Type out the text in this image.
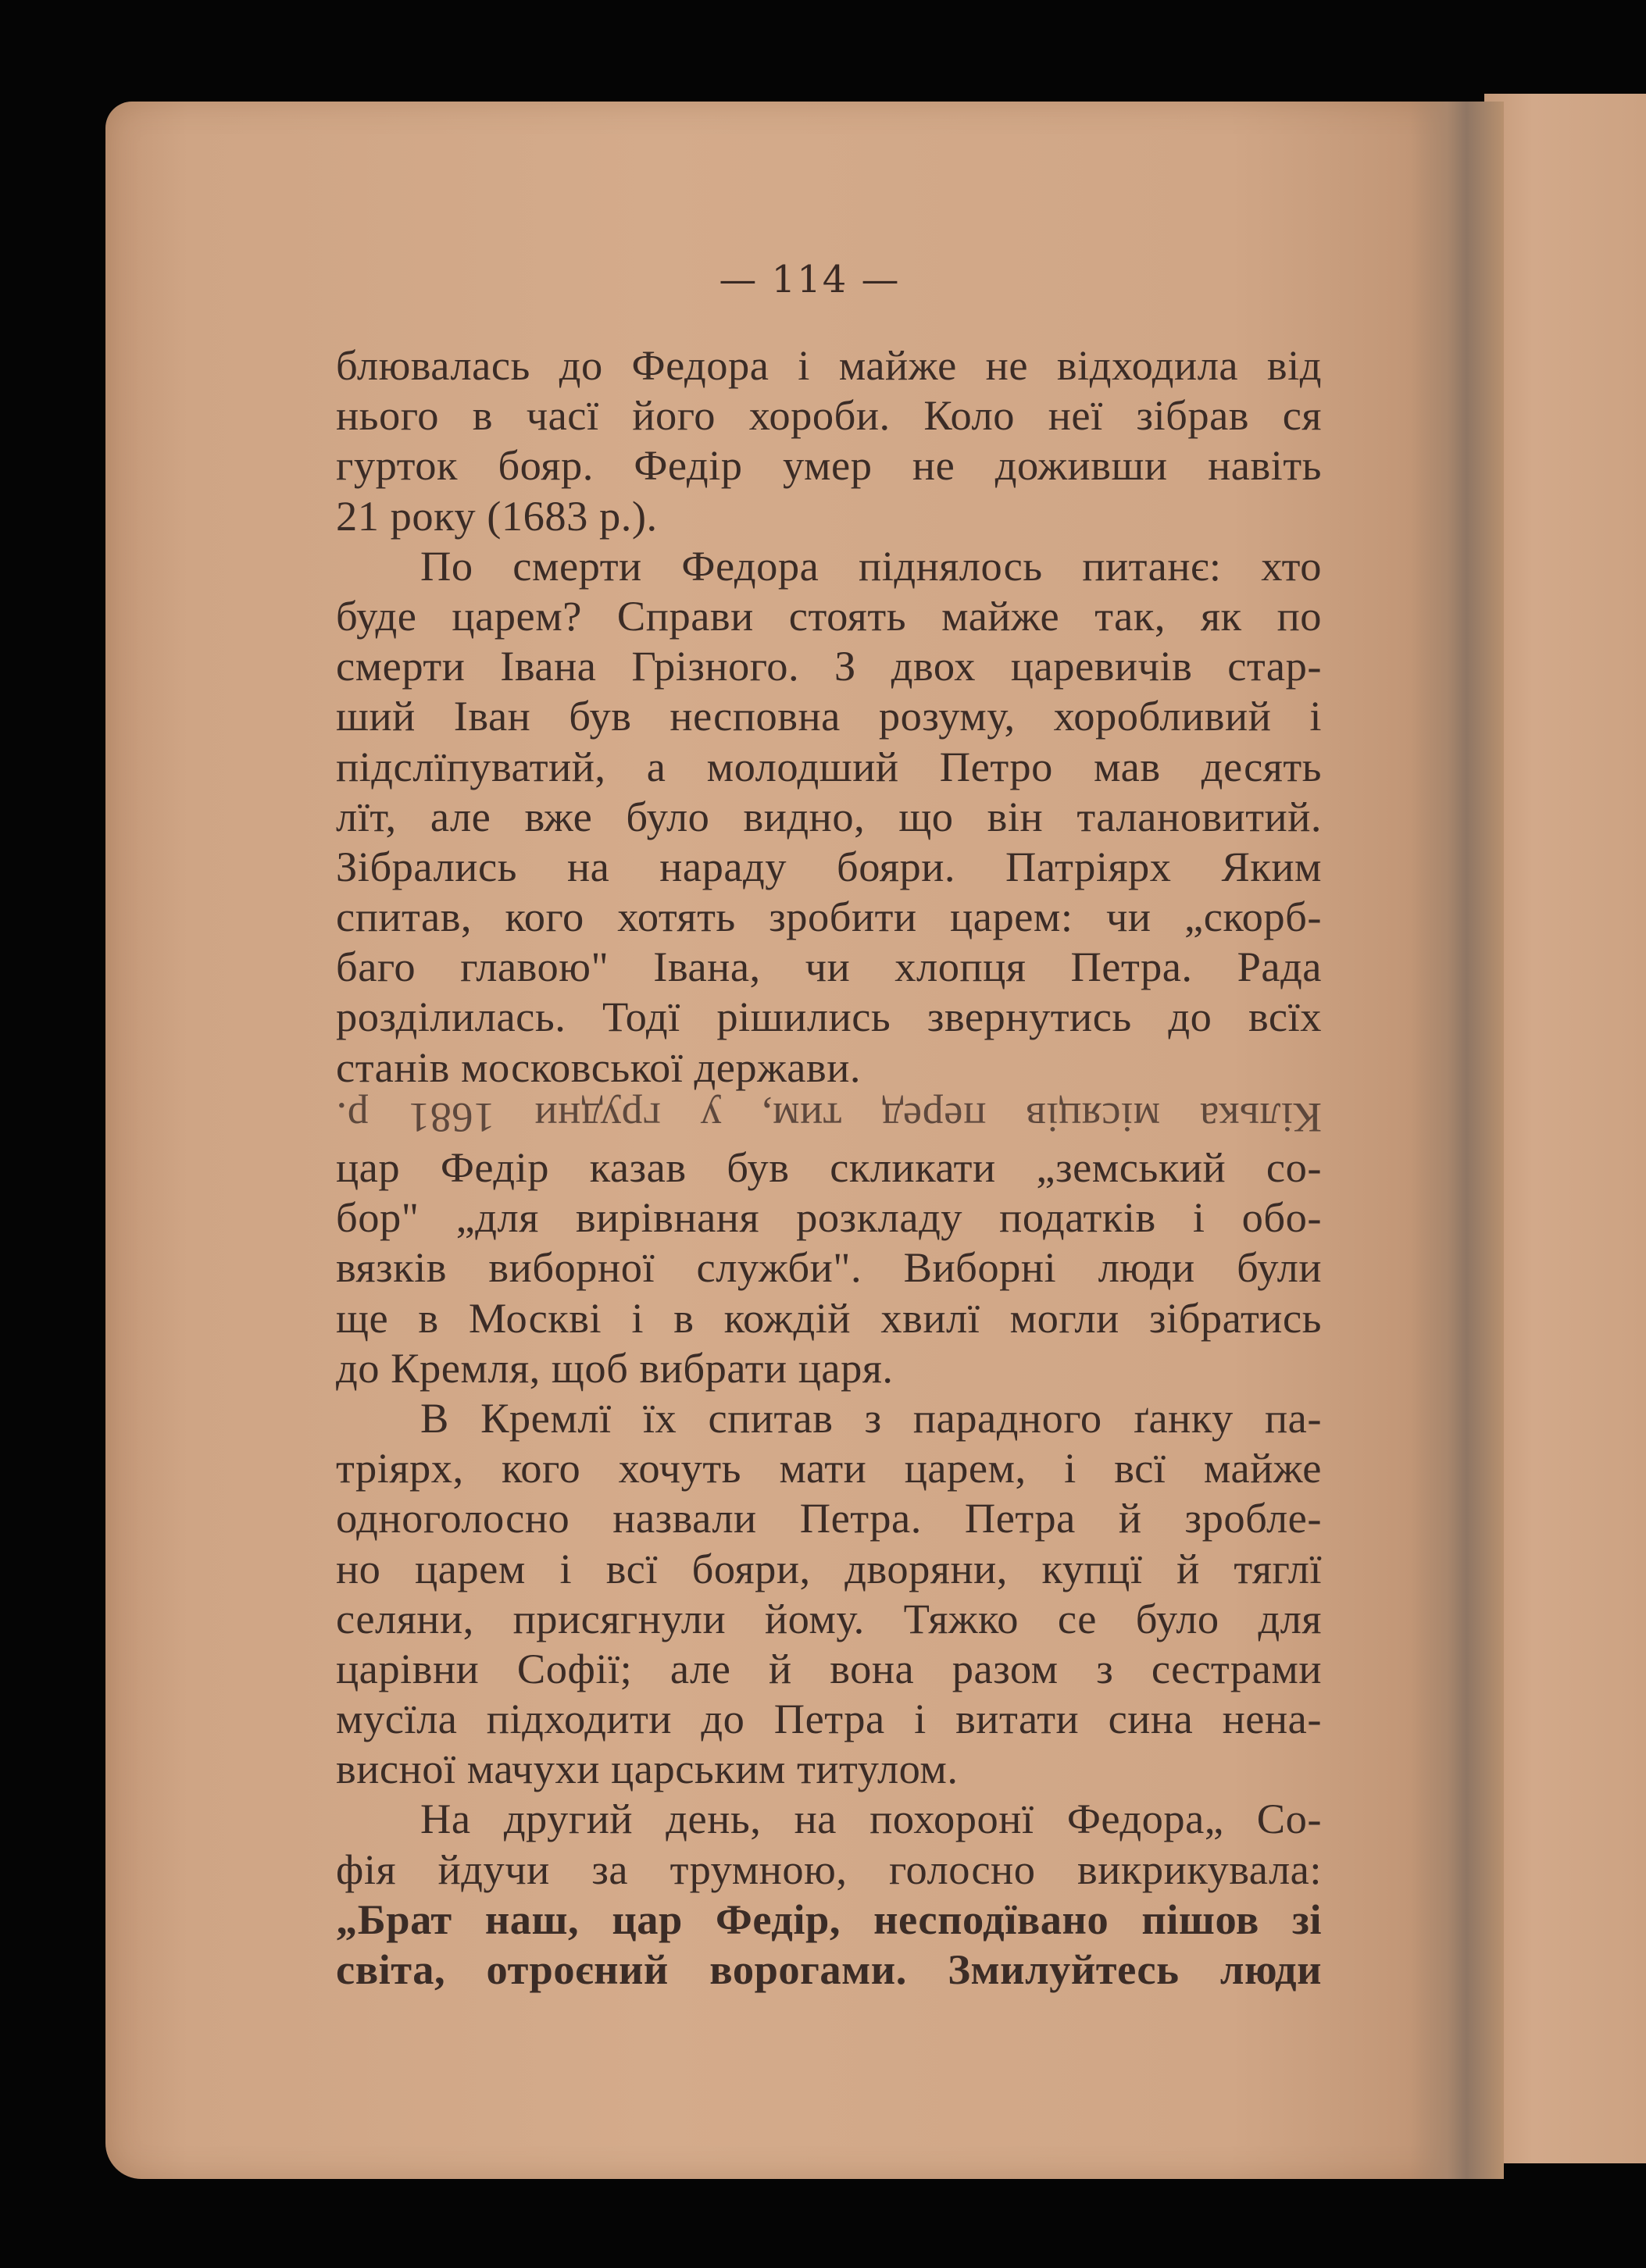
— 114 —
блювалась до Федора і майже не відходила від
нього в часї його хороби. Коло неї зібрав ся
гурток бояр. Федір умер не доживши навіть
21 року (1683 р.).
По смерти Федора піднялось питанє: хто
буде царем? Справи стоять майже так, як по
смерти Івана Грізного. З двох царевичів стар-
ший Іван був несповна розуму, хоробливий і
підслїпуватий, а молодший Петро мав десять
лїт, але вже було видно, що він талановитий.
Зібрались на нараду бояри. Патріярх Яким
спитав, кого хотять зробити царем: чи „скорб-
баго главою" Івана, чи хлопця Петра. Рада
розділилась. Тодї рішились звернутись до всїх
станів московської держави.
Кілька місяців перед тим, у грудни 1681 р.
цар Федір казав був скликати „земський со-
бор" „для вирівнаня розкладу податків і обо-
вязків виборної служби". Виборні люди були
ще в Москві і в кождій хвилї могли зібратись
до Кремля, щоб вибрати царя.
В Кремлї їх спитав з парадного ґанку па-
тріярх, кого хочуть мати царем, і всї майже
одноголосно назвали Петра. Петра й зробле-
но царем і всї бояри, дворяни, купцї й тяглї
селяни, присягнули йому. Тяжко се було для
царівни Софії; але й вона разом з сестрами
мусїла підходити до Петра і витати сина нена-
висної мачухи царським титулом.
На другий день, на похоронї Федора„ Со-
фія йдучи за трумною, голосно викрикувала:
„Брат наш, цар Федір, несподївано пішов зі
світа, отроєний ворогами. Змилуйтесь люди
